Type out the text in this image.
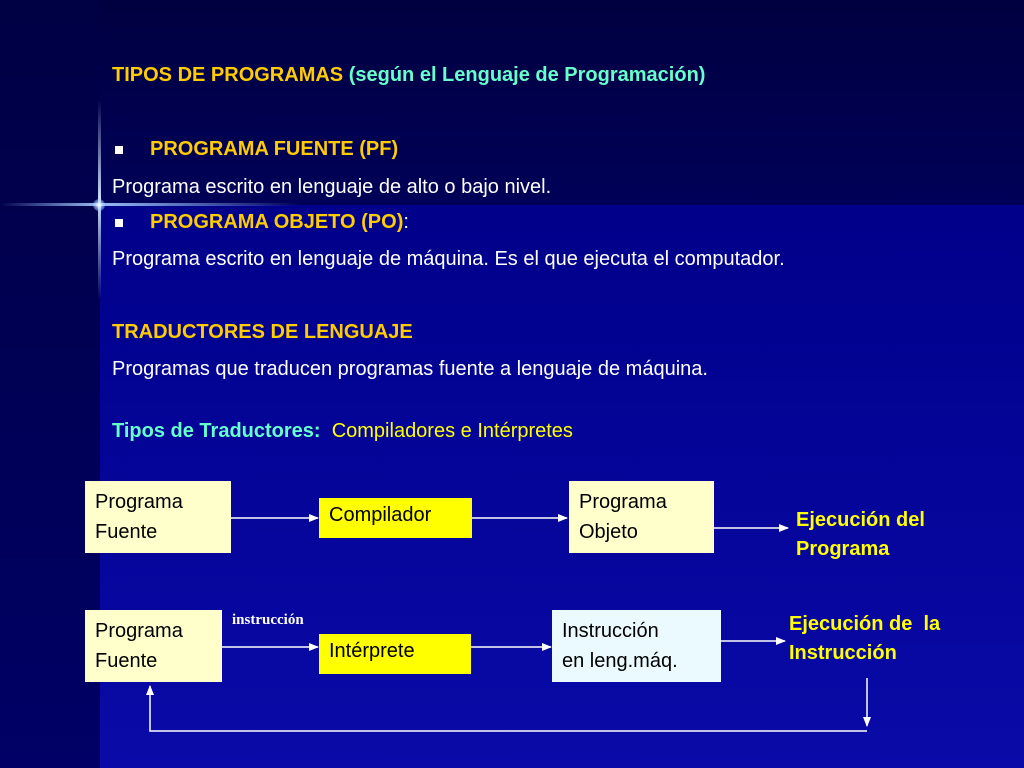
TIPOS DE PROGRAMAS (según el Lenguaje de Programación)
PROGRAMA FUENTE (PF)
Programa escrito en lenguaje de alto o bajo nivel.
PROGRAMA OBJETO (PO):
Programa escrito en lenguaje de máquina. Es el que ejecuta el computador.
TRADUCTORES DE LENGUAJE
Programas que traducen programas fuente a lenguaje de máquina.
Tipos de Traductores: Compiladores e Intérpretes
Programa
Fuente
Compilador
Programa
Objeto
Ejecución del
Programa
Programa
Fuente
instrucción
Intérprete
Instrucción
en leng.máq.
Ejecución de  la
Instrucción
